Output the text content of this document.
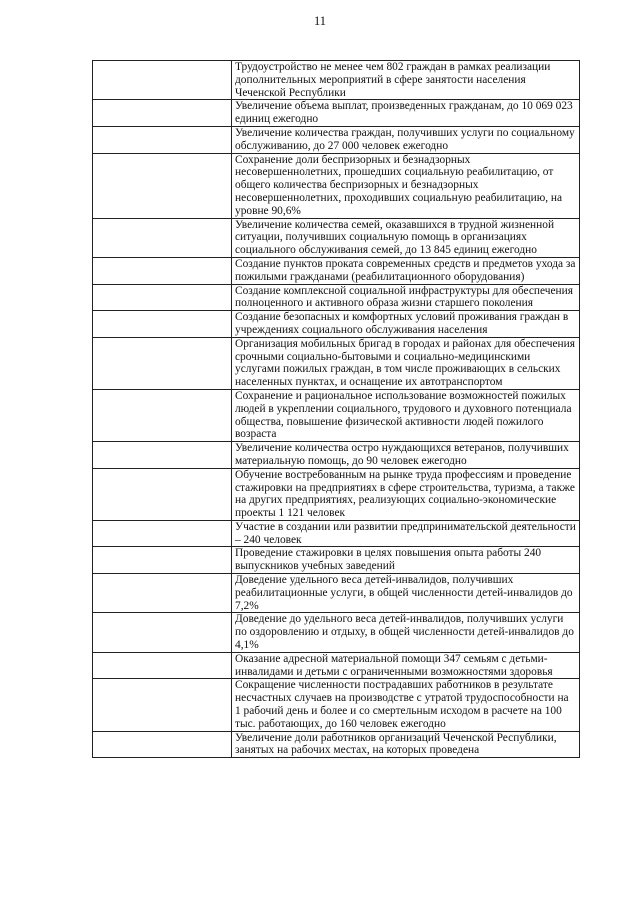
11

	Трудоустройство не менее чем 802 граждан в рамках реализации дополнительных мероприятий в сфере занятости населения Чеченской Республики

	Увеличение объема выплат, произведенных гражданам, до 10 069 023 единиц ежегодно

	Увеличение количества граждан, получивших услуги по социальному обслуживанию, до 27 000 человек ежегодно

	Сохранение доли беспризорных и безнадзорных несовершеннолетних, прошедших социальную реабилитацию, от общего количества беспризорных и безнадзорных несовершеннолетних, проходивших социальную реабилитацию, на уровне 90,6%

	Увеличение количества семей, оказавшихся в трудной жизненной ситуации, получивших социальную помощь в организациях социального обслуживания семей, до 13 845 единиц ежегодно

	Создание пунктов проката современных средств и предметов ухода за пожилыми гражданами (реабилитационного оборудования)

	Создание комплексной социальной инфраструктуры для обеспечения полноценного и активного образа жизни старшего поколения

	Создание безопасных и комфортных условий проживания граждан в учреждениях социального обслуживания населения

	Организация мобильных бригад в городах и районах для обеспечения срочными социально-бытовыми и социально-медицинскими услугами пожилых граждан, в том числе проживающих в сельских населенных пунктах, и оснащение их автотранспортом

	Сохранение и рациональное использование возможностей пожилых людей в укреплении социального, трудового и духовного потенциала общества, повышение физической активности людей пожилого возраста

	Увеличение количества остро нуждающихся ветеранов, получивших материальную помощь, до 90 человек ежегодно

	Обучение востребованным на рынке труда профессиям и проведение стажировки на предприятиях в сфере строительства, туризма, а также на других предприятиях, реализующих социально-экономические проекты 1 121 человек

	Участие в создании или развитии предпринимательской деятельности – 240 человек

	Проведение стажировки в целях повышения опыта работы 240 выпускников учебных заведений

	Доведение удельного веса детей-инвалидов, получивших реабилитационные услуги, в общей численности детей-инвалидов до 7,2%

	Доведение до удельного веса детей-инвалидов, получивших услуги по оздоровлению и отдыху, в общей численности детей-инвалидов до 4,1%

	Оказание адресной материальной помощи 347 семьям с детьми-инвалидами и детьми с ограниченными возможностями здоровья

	Сокращение численности пострадавших работников в результате несчастных случаев на производстве с утратой трудоспособности на 1 рабочий день и более и со смертельным исходом в расчете на 100 тыс. работающих, до 160 человек ежегодно

	Увеличение доли работников организаций Чеченской Республики, занятых на рабочих местах, на которых проведена
